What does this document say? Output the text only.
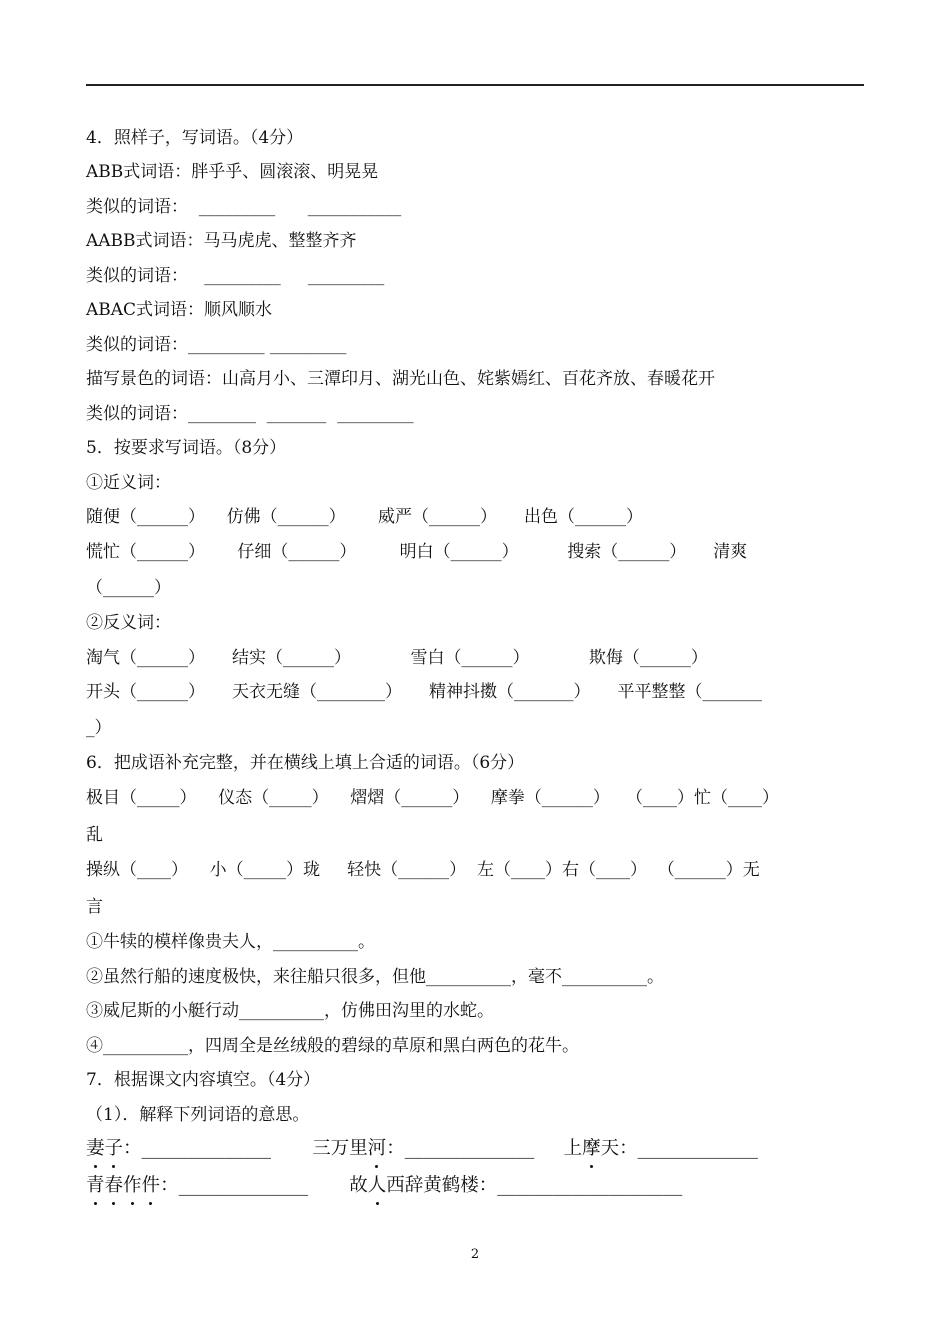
4．照样子，写词语。（4分）
ABB式词语：胖乎乎、圆滚滚、明晃晃
类似的词语：  _________      ___________
AABB式词语：马马虎虎、整整齐齐
类似的词语：   _________     _________
ABAC式词语：顺风顺水
类似的词语：_________ _________
描写景色的词语：山高月小、三潭印月、湖光山色、姹紫嫣红、百花齐放、春暖花开
类似的词语：________  _______  _________
5．按要求写词语。（8分）
①近义词：
随便（______）    仿佛（______）      威严（______）     出色（______）
慌忙（______）      仔细（______）        明白（______）         搜索（______）     清爽
（______）
②反义词：
淘气（______）     结实（______）           雪白（______）           欺侮（______）
开头（______）     天衣无缝（________）     精神抖擞（_______）     平平整整（_______
_）
6．把成语补充完整，并在横线上填上合适的词语。（6分）
极目（_____）    仪态（_____）    熠熠（______）    摩拳（______）   （____）忙（____）
乱
操纵（____）    小（_____）珑     轻快（______）  左（____）右（____）  （______）无
言
①牛犊的模样像贵夫人，__________。
②虽然行船的速度极快，来往船只很多，但他__________，毫不__________。
③威尼斯的小艇行动__________，仿佛田沟里的水蛇。
④__________，四周全是丝绒般的碧绿的草原和黑白两色的花牛。
7．根据课文内容填空。（4分）
（1）．解释下列词语的意思。
妻子：______________       三万里河：______________     上摩天：_____________
青春作件：______________       故人西辞黄鹤楼：____________________
2
